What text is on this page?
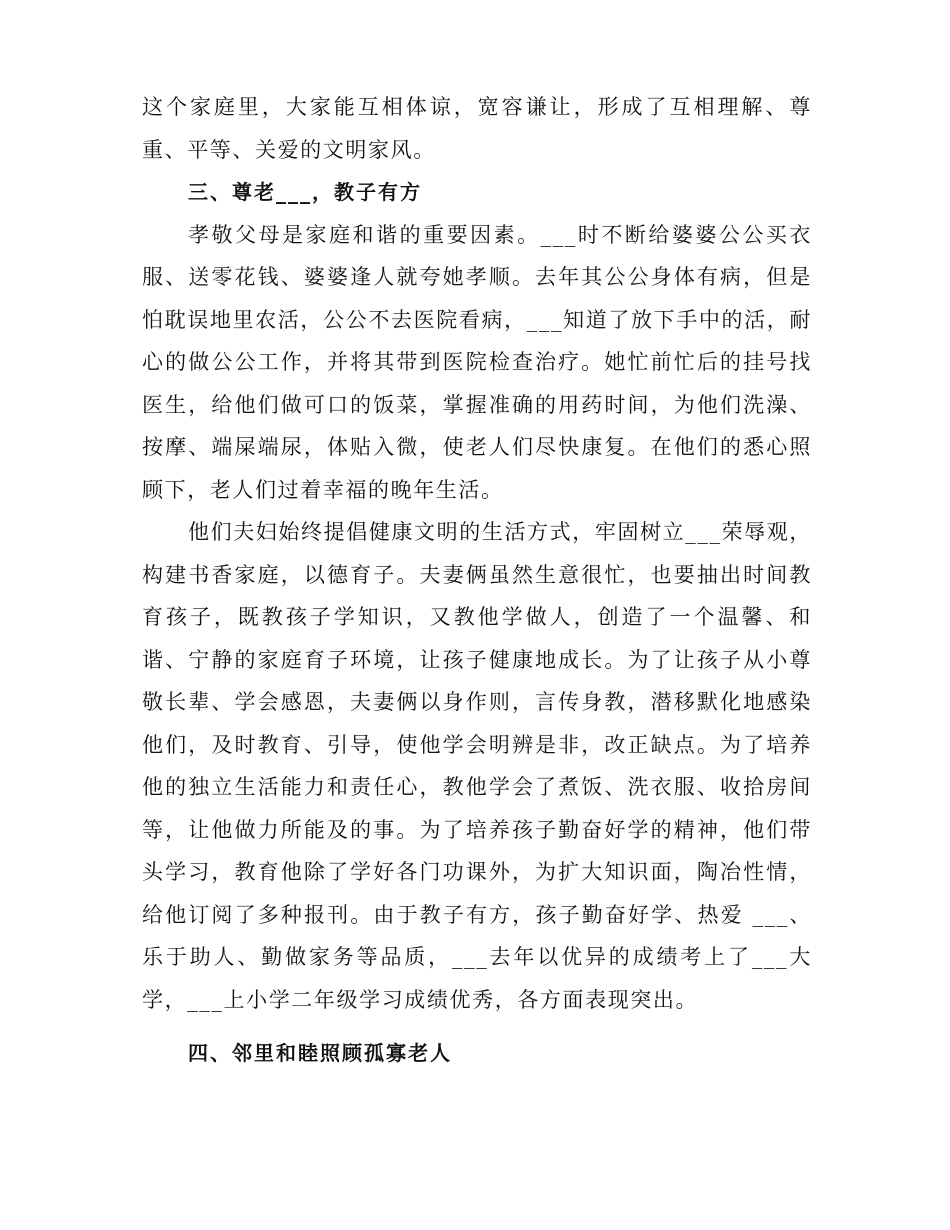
这个家庭里，大家能互相体谅，宽容谦让，形成了互相理解、尊重、平等、关爱的文明家风。

三、尊老___，教子有方

孝敬父母是家庭和谐的重要因素。___时不断给婆婆公公买衣服、送零花钱、婆婆逢人就夸她孝顺。去年其公公身体有病，但是怕耽误地里农活，公公不去医院看病，___知道了放下手中的活，耐心的做公公工作，并将其带到医院检查治疗。她忙前忙后的挂号找医生，给他们做可口的饭菜，掌握准确的用药时间，为他们洗澡、按摩、端屎端尿，体贴入微，使老人们尽快康复。在他们的悉心照顾下，老人们过着幸福的晚年生活。

他们夫妇始终提倡健康文明的生活方式，牢固树立___荣辱观，构建书香家庭，以德育子。夫妻俩虽然生意很忙，也要抽出时间教育孩子，既教孩子学知识，又教他学做人，创造了一个温馨、和谐、宁静的家庭育子环境，让孩子健康地成长。为了让孩子从小尊敬长辈、学会感恩，夫妻俩以身作则，言传身教，潜移默化地感染他们，及时教育、引导，使他学会明辨是非，改正缺点。为了培养他的独立生活能力和责任心，教他学会了煮饭、洗衣服、收拾房间等，让他做力所能及的事。为了培养孩子勤奋好学的精神，他们带头学习，教育他除了学好各门功课外，为扩大知识面，陶冶性情，给他订阅了多种报刊。由于教子有方，孩子勤奋好学、热爱 ___、乐于助人、勤做家务等品质，___去年以优异的成绩考上了___大学，___上小学二年级学习成绩优秀，各方面表现突出。

四、邻里和睦照顾孤寡老人
